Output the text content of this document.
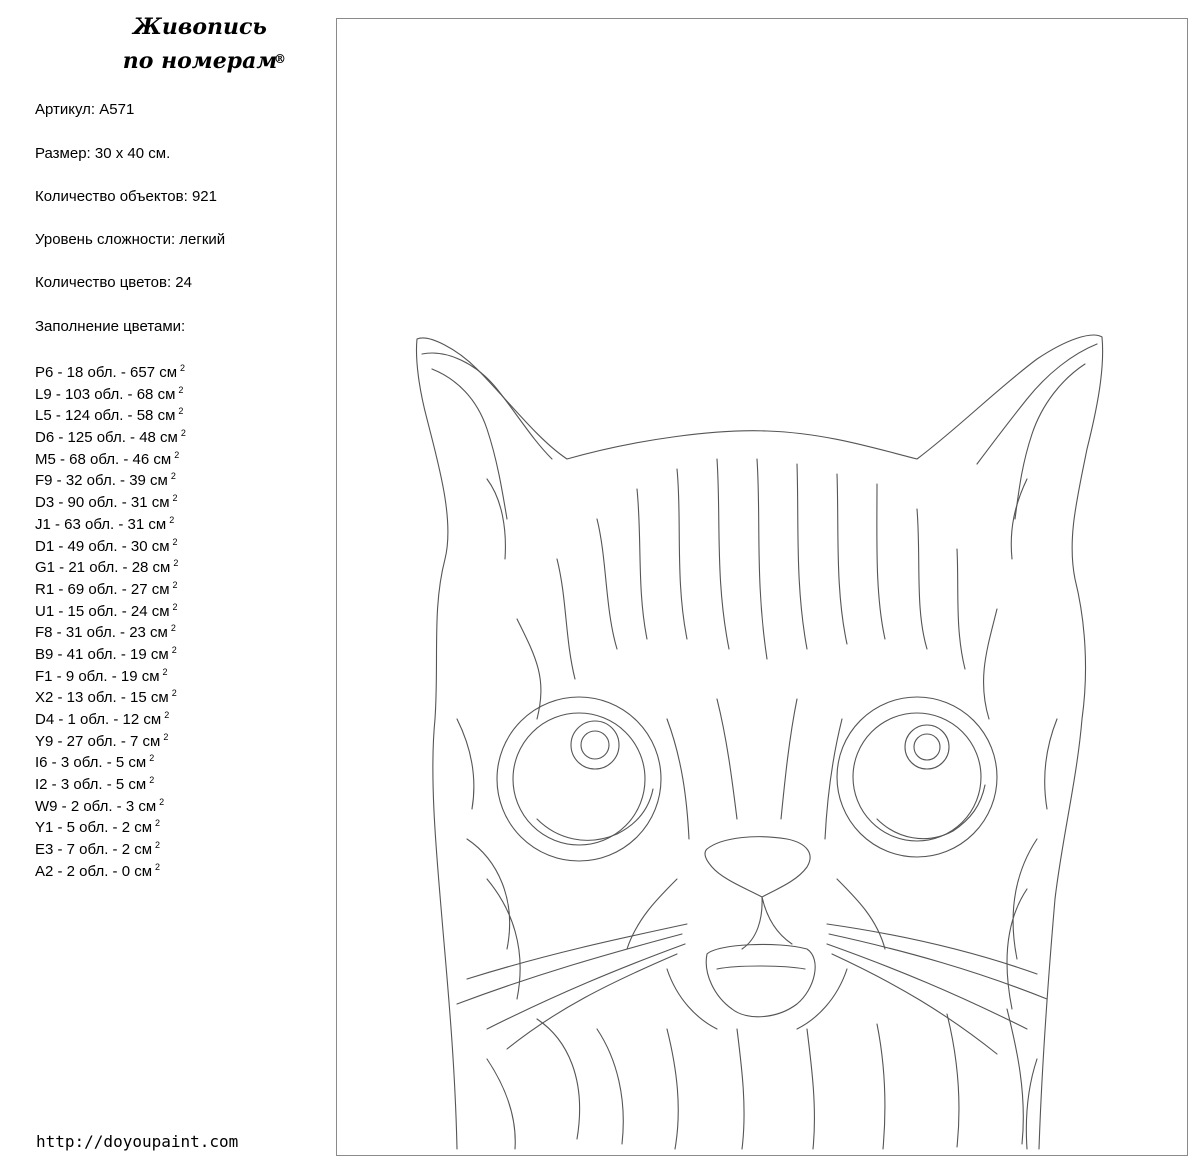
Живопись
по номерам
®
Артикул: A571
Размер: 30 x 40 см.
Количество объектов: 921
Уровень сложности: легкий
Количество цветов: 24
Заполнение цветами:
P6 - 18 обл. - 657 см $^2$
L9 - 103 обл. - 68 см $^2$
L5 - 124 обл. - 58 см $^2$
D6 - 125 обл. - 48 см $^2$
M5 - 68 обл. - 46 см $^2$
F9 - 32 обл. - 39 см $^2$
D3 - 90 обл. - 31 см $^2$
J1 - 63 обл. - 31 см $^2$
D1 - 49 обл. - 30 см $^2$
G1 - 21 обл. - 28 см $^2$
R1 - 69 обл. - 27 см $^2$
U1 - 15 обл. - 24 см $^2$
F8 - 31 обл. - 23 см $^2$
B9 - 41 обл. - 19 см $^2$
F1 - 9 обл. - 19 см $^2$
X2 - 13 обл. - 15 см $^2$
D4 - 1 обл. - 12 см $^2$
Y9 - 27 обл. - 7 см $^2$
I6 - 3 обл. - 5 см $^2$
I2 - 3 обл. - 5 см $^2$
W9 - 2 обл. - 3 см $^2$
Y1 - 5 обл. - 2 см $^2$
E3 - 7 обл. - 2 см $^2$
A2 - 2 обл. - 0 см $^2$
http://doyoupaint.com
